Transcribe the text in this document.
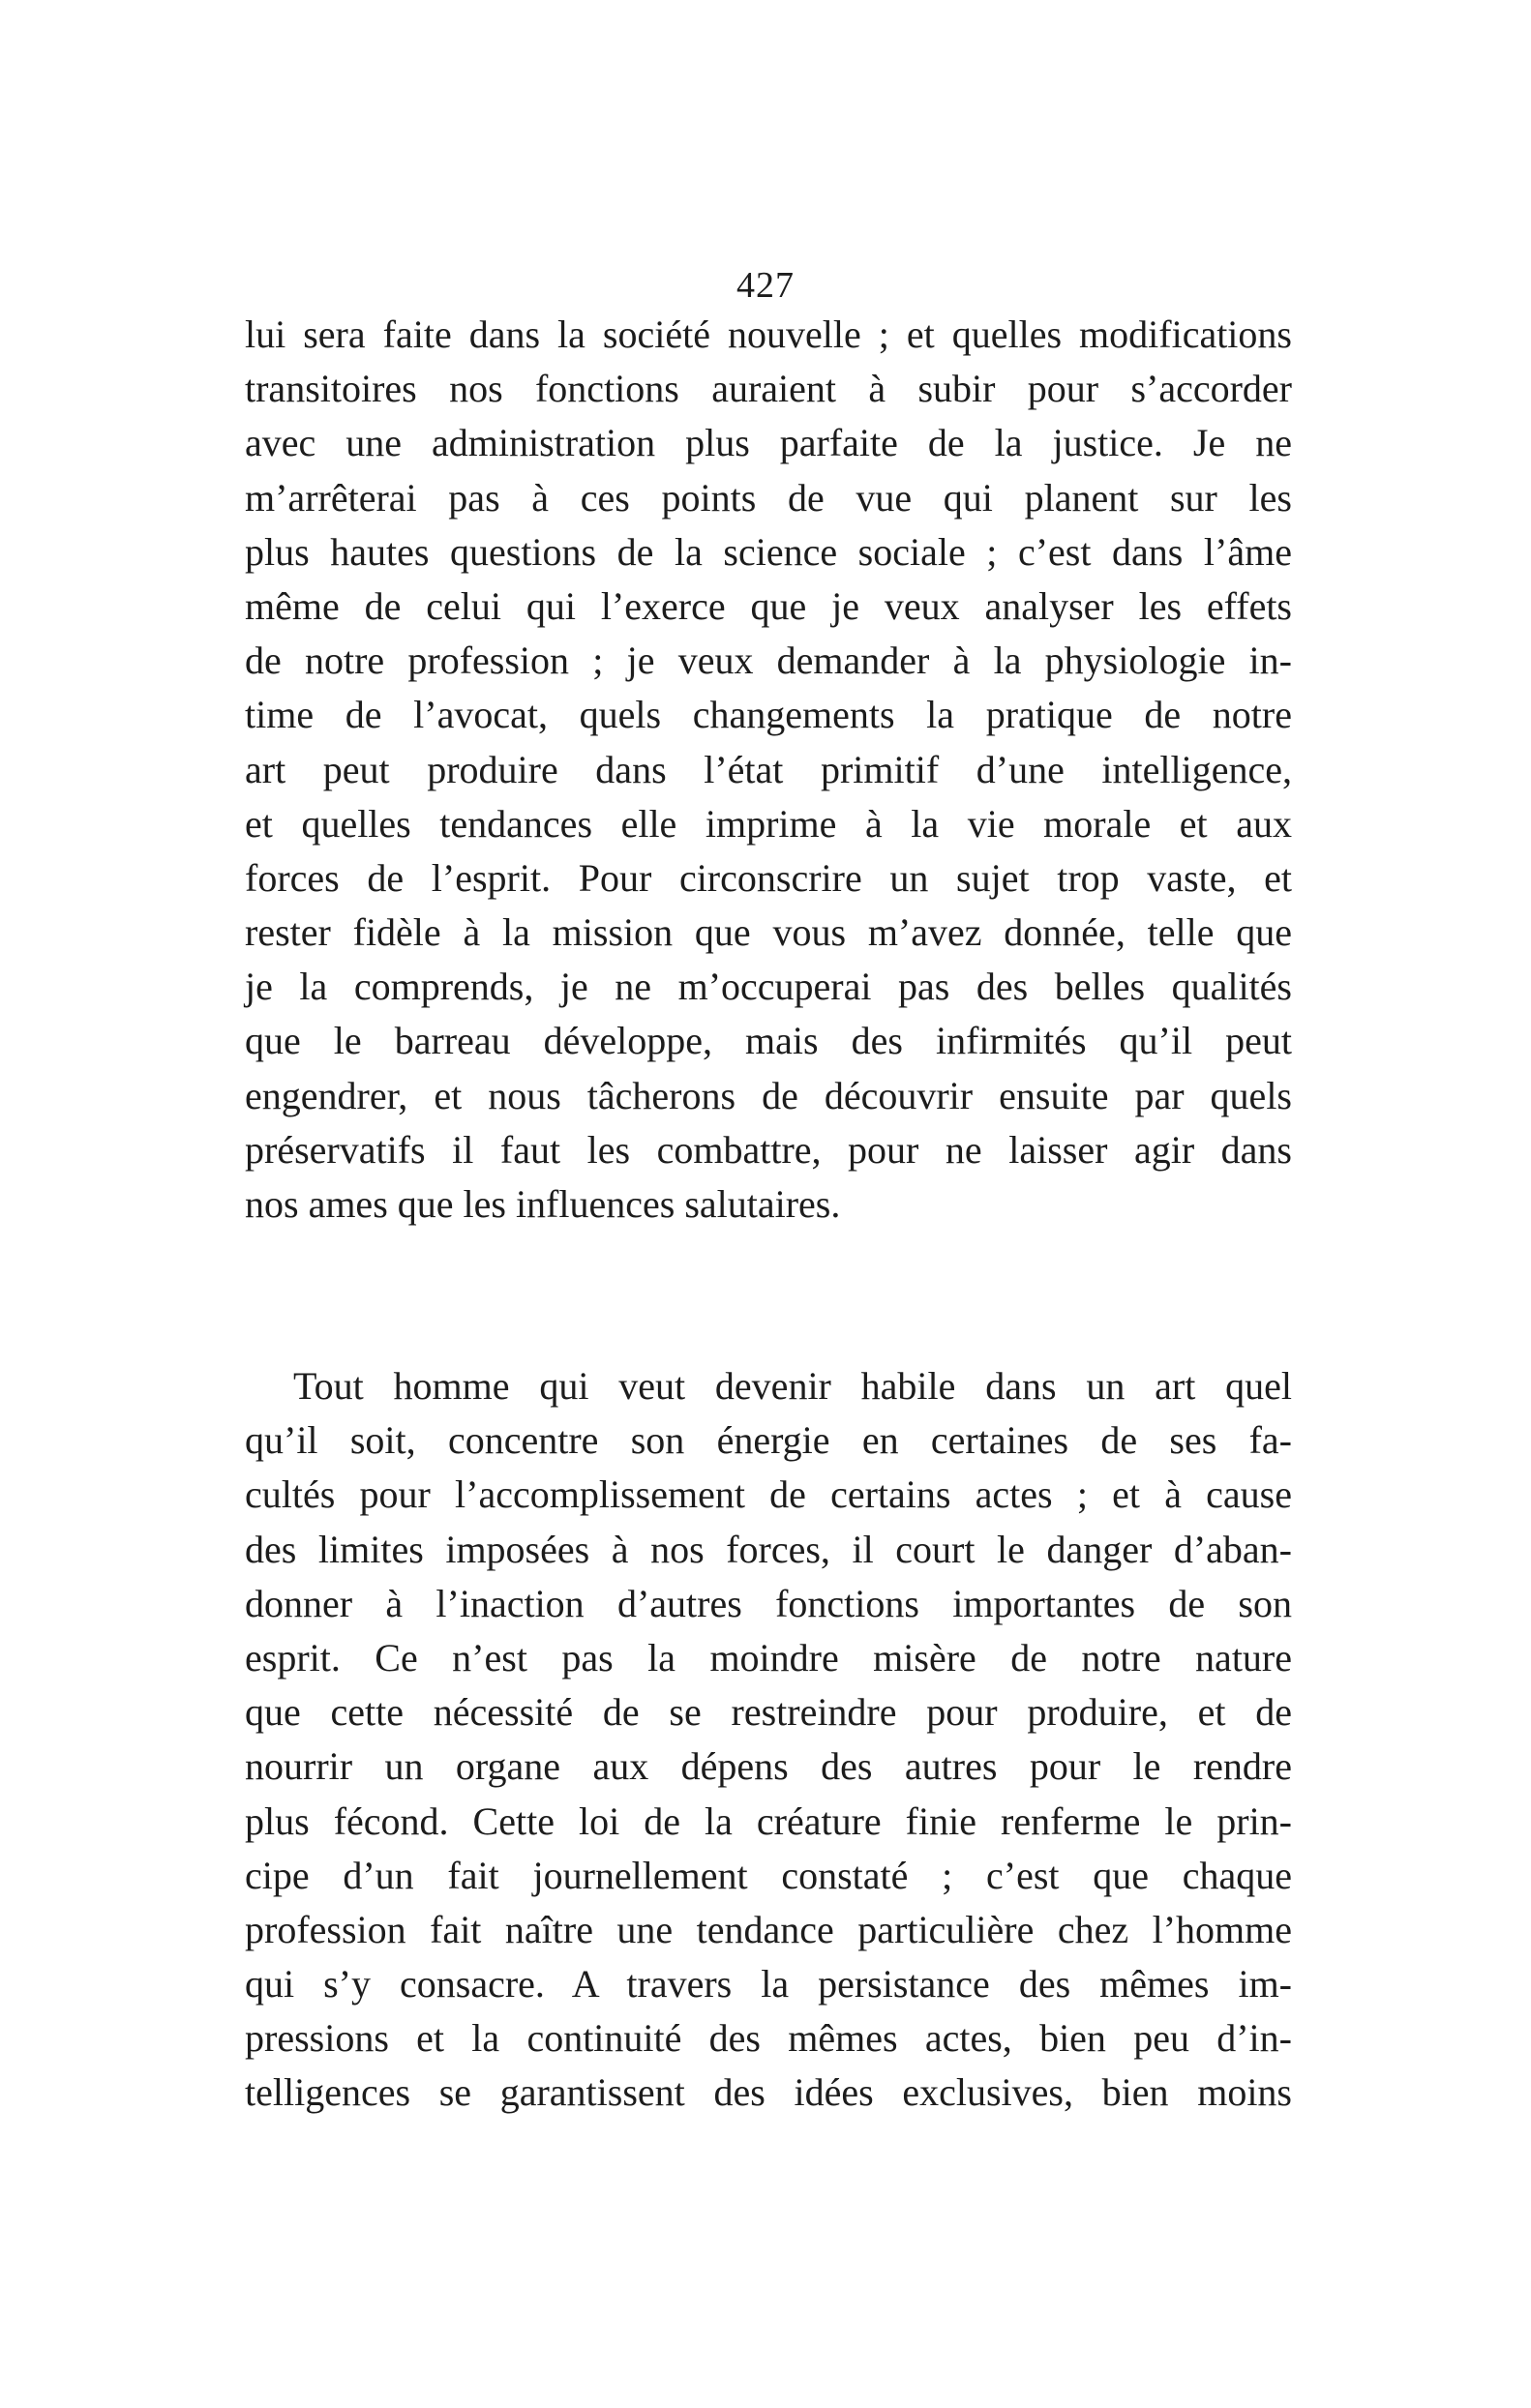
427
lui sera faite dans la société nouvelle ; et quelles modifications
transitoires nos fonctions auraient à subir pour s’accorder
avec une administration plus parfaite de la justice. Je ne
m’arrêterai pas à ces points de vue qui planent sur les
plus hautes questions de la science sociale ; c’est dans l’âme
même de celui qui l’exerce que je veux analyser les effets
de notre profession ; je veux demander à la physiologie in-
time de l’avocat, quels changements la pratique de notre
art peut produire dans l’état primitif d’une intelligence,
et quelles tendances elle imprime à la vie morale et aux
forces de l’esprit. Pour circonscrire un sujet trop vaste, et
rester fidèle à la mission que vous m’avez donnée, telle que
je la comprends, je ne m’occuperai pas des belles qualités
que le barreau développe, mais des infirmités qu’il peut
engendrer, et nous tâcherons de découvrir ensuite par quels
préservatifs il faut les combattre, pour ne laisser agir dans
nos ames que les influences salutaires.
Tout homme qui veut devenir habile dans un art quel
qu’il soit, concentre son énergie en certaines de ses fa-
cultés pour l’accomplissement de certains actes ; et à cause
des limites imposées à nos forces, il court le danger d’aban-
donner à l’inaction d’autres fonctions importantes de son
esprit. Ce n’est pas la moindre misère de notre nature
que cette nécessité de se restreindre pour produire, et de
nourrir un organe aux dépens des autres pour le rendre
plus fécond. Cette loi de la créature finie renferme le prin-
cipe d’un fait journellement constaté ; c’est que chaque
profession fait naître une tendance particulière chez l’homme
qui s’y consacre. A travers la persistance des mêmes im-
pressions et la continuité des mêmes actes, bien peu d’in-
telligences se garantissent des idées exclusives, bien moins
